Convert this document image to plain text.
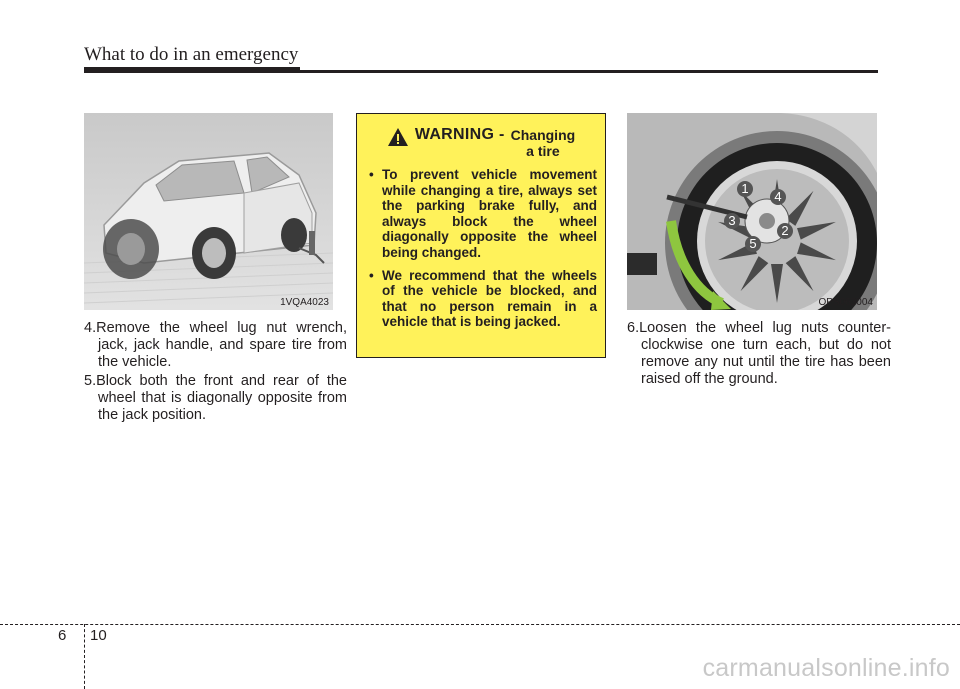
What to do in an emergency
1VQA4023
4.Remove the wheel lug nut wrench, jack, jack handle, and spare tire from the vehicle.
5.Block both the front and rear of the wheel that is diagonally opposite from the jack position.
WARNING - Changing
a tire
• To prevent vehicle movement while changing a tire, always set the parking brake fully, and always block the wheel diagonally opposite the wheel being changed.
• We recommend that the wheels of the vehicle be blocked, and that no person remain in a vehicle that is being jacked.
1
4
3
2
5
OPS063004
6.Loosen the wheel lug nuts counter-clockwise one turn each, but do not remove any nut until the tire has been raised off the ground.
6 10
carmanualsonline.info
